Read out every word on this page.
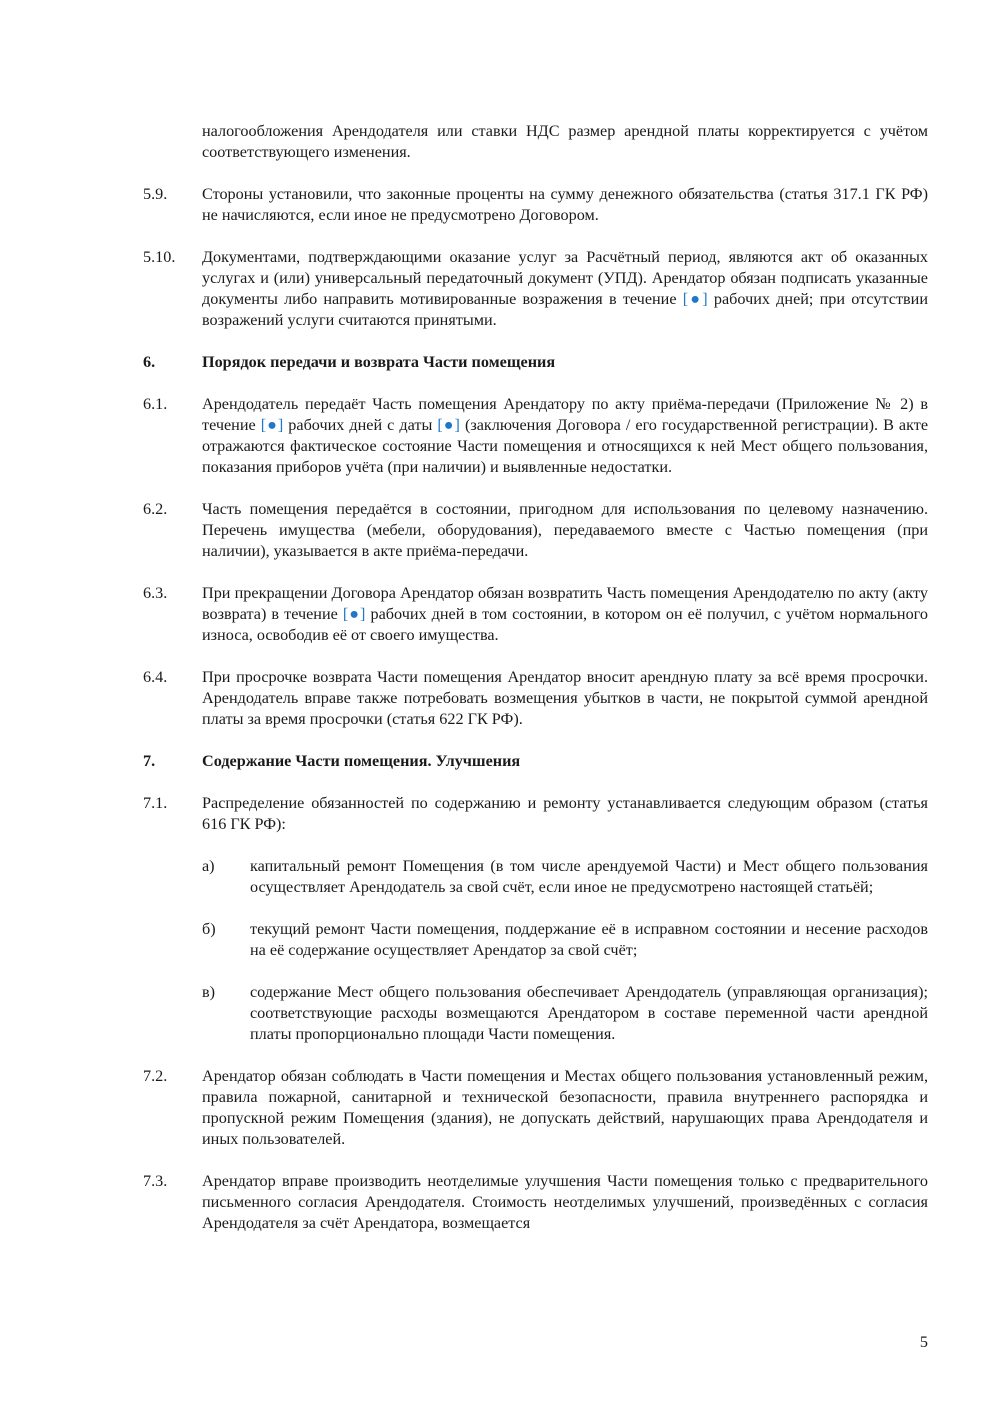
налогообложения Арендодателя или ставки НДС размер арендной платы корректируется с учётом соответствующего изменения.
5.9.	Стороны установили, что законные проценты на сумму денежного обязательства (статья 317.1 ГК РФ) не начисляются, если иное не предусмотрено Договором.
5.10.	Документами, подтверждающими оказание услуг за Расчётный период, являются акт об оказанных услугах и (или) универсальный передаточный документ (УПД). Арендатор обязан подписать указанные документы либо направить мотивированные возражения в течение [●] рабочих дней; при отсутствии возражений услуги считаются принятыми.
6.	Порядок передачи и возврата Части помещения
6.1.	Арендодатель передаёт Часть помещения Арендатору по акту приёма-передачи (Приложение № 2) в течение [●] рабочих дней с даты [●] (заключения Договора / его государственной регистрации). В акте отражаются фактическое состояние Части помещения и относящихся к ней Мест общего пользования, показания приборов учёта (при наличии) и выявленные недостатки.
6.2.	Часть помещения передаётся в состоянии, пригодном для использования по целевому назначению. Перечень имущества (мебели, оборудования), передаваемого вместе с Частью помещения (при наличии), указывается в акте приёма-передачи.
6.3.	При прекращении Договора Арендатор обязан возвратить Часть помещения Арендодателю по акту (акту возврата) в течение [●] рабочих дней в том состоянии, в котором он её получил, с учётом нормального износа, освободив её от своего имущества.
6.4.	При просрочке возврата Части помещения Арендатор вносит арендную плату за всё время просрочки. Арендодатель вправе также потребовать возмещения убытков в части, не покрытой суммой арендной платы за время просрочки (статья 622 ГК РФ).
7.	Содержание Части помещения. Улучшения
7.1.	Распределение обязанностей по содержанию и ремонту устанавливается следующим образом (статья 616 ГК РФ):
а)	капитальный ремонт Помещения (в том числе арендуемой Части) и Мест общего пользования осуществляет Арендодатель за свой счёт, если иное не предусмотрено настоящей статьёй;
б)	текущий ремонт Части помещения, поддержание её в исправном состоянии и несение расходов на её содержание осуществляет Арендатор за свой счёт;
в)	содержание Мест общего пользования обеспечивает Арендодатель (управляющая организация); соответствующие расходы возмещаются Арендатором в составе переменной части арендной платы пропорционально площади Части помещения.
7.2.	Арендатор обязан соблюдать в Части помещения и Местах общего пользования установленный режим, правила пожарной, санитарной и технической безопасности, правила внутреннего распорядка и пропускной режим Помещения (здания), не допускать действий, нарушающих права Арендодателя и иных пользователей.
7.3.	Арендатор вправе производить неотделимые улучшения Части помещения только с предварительного письменного согласия Арендодателя. Стоимость неотделимых улучшений, произведённых с согласия Арендодателя за счёт Арендатора, возмещается
5
